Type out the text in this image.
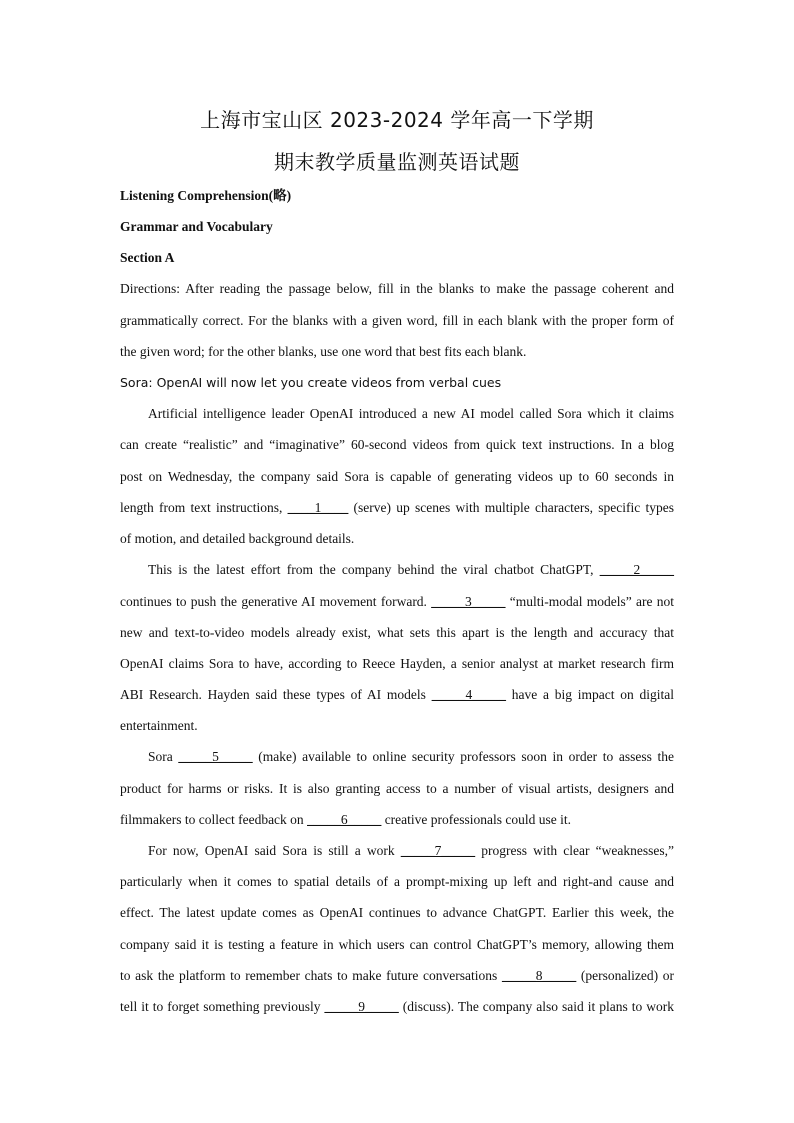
上海市宝山区 2023-2024 学年高一下学期
期末教学质量监测英语试题
Listening Comprehension(略)
Grammar and Vocabulary
Section A
Directions: After reading the passage below, fill in the blanks to make the passage coherent and
grammatically correct. For the blanks with a given word, fill in each blank with the proper form of
the given word; for the other blanks, use one word that best fits each blank.
Sora: OpenAI will now let you create videos from verbal cues
Artificial intelligence leader OpenAI introduced a new AI model called Sora which it claims
can create “realistic” and “imaginative” 60-second videos from quick text instructions. In a blog
post on Wednesday, the company said Sora is capable of generating videos up to 60 seconds in
length from text instructions, ____1____ (serve) up scenes with multiple characters, specific types
of motion, and detailed background details.
This is the latest effort from the company behind the viral chatbot ChatGPT, _____2_____
continues to push the generative AI movement forward. _____3_____ “multi-modal models” are not
new and text-to-video models already exist, what sets this apart is the length and accuracy that
OpenAI claims Sora to have, according to Reece Hayden, a senior analyst at market research firm
ABI Research. Hayden said these types of AI models _____4_____ have a big impact on digital
entertainment.
Sora _____5_____ (make) available to online security professors soon in order to assess the
product for harms or risks. It is also granting access to a number of visual artists, designers and
filmmakers to collect feedback on _____6_____ creative professionals could use it.
For now, OpenAI said Sora is still a work _____7_____ progress with clear “weaknesses,”
particularly when it comes to spatial details of a prompt-mixing up left and right-and cause and
effect. The latest update comes as OpenAI continues to advance ChatGPT. Earlier this week, the
company said it is testing a feature in which users can control ChatGPT’s memory, allowing them
to ask the platform to remember chats to make future conversations _____8_____ (personalized) or
tell it to forget something previously _____9_____ (discuss). The company also said it plans to work
